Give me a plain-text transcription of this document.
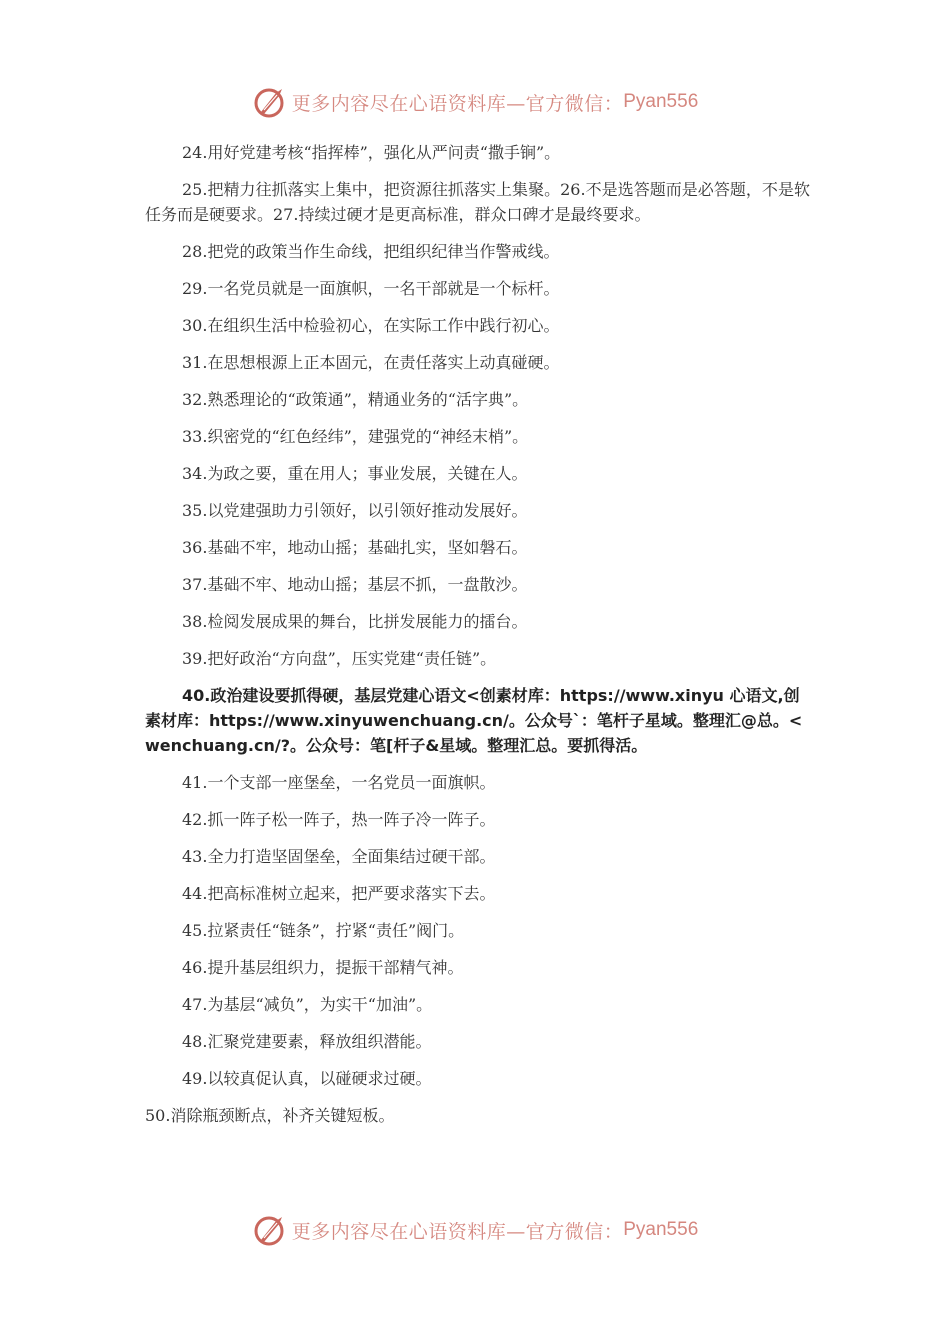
更多内容尽在心语资料库—官方微信： Pyan556

24.用好党建考核“指挥棒”，强化从严问责“撒手锏”。

25.把精力往抓落实上集中，把资源往抓落实上集聚。26.不是选答题而是必答题，不是软任务而是硬要求。27.持续过硬才是更高标准，群众口碑才是最终要求。

28.把党的政策当作生命线，把组织纪律当作警戒线。

29.一名党员就是一面旗帜，一名干部就是一个标杆。

30.在组织生活中检验初心，在实际工作中践行初心。

31.在思想根源上正本固元，在责任落实上动真碰硬。

32.熟悉理论的“政策通”，精通业务的“活字典”。

33.织密党的“红色经纬”，建强党的“神经末梢”。

34.为政之要，重在用人；事业发展，关键在人。

35.以党建强助力引领好，以引领好推动发展好。

36.基础不牢，地动山摇；基础扎实，坚如磐石。

37.基础不牢、地动山摇；基层不抓，一盘散沙。

38.检阅发展成果的舞台，比拼发展能力的擂台。

39.把好政治“方向盘”，压实党建“责任链”。

40.政治建设要抓得硬，基层党建心语文<创素材库：https://www.xinyu 心语文,创素材库：https://www.xinyuwenchuang.cn/。公众号`：笔杆子星域。整理汇@总。<wenchuang.cn/?。公众号：笔[杆子&星域。整理汇总。要抓得活。

41.一个支部一座堡垒，一名党员一面旗帜。

42.抓一阵子松一阵子，热一阵子冷一阵子。

43.全力打造坚固堡垒，全面集结过硬干部。

44.把高标准树立起来，把严要求落实下去。

45.拉紧责任“链条”，拧紧“责任”阀门。

46.提升基层组织力，提振干部精气神。

47.为基层“减负”，为实干“加油”。

48.汇聚党建要素，释放组织潜能。

49.以较真促认真，以碰硬求过硬。

50.消除瓶颈断点，补齐关键短板。

更多内容尽在心语资料库—官方微信： Pyan556
